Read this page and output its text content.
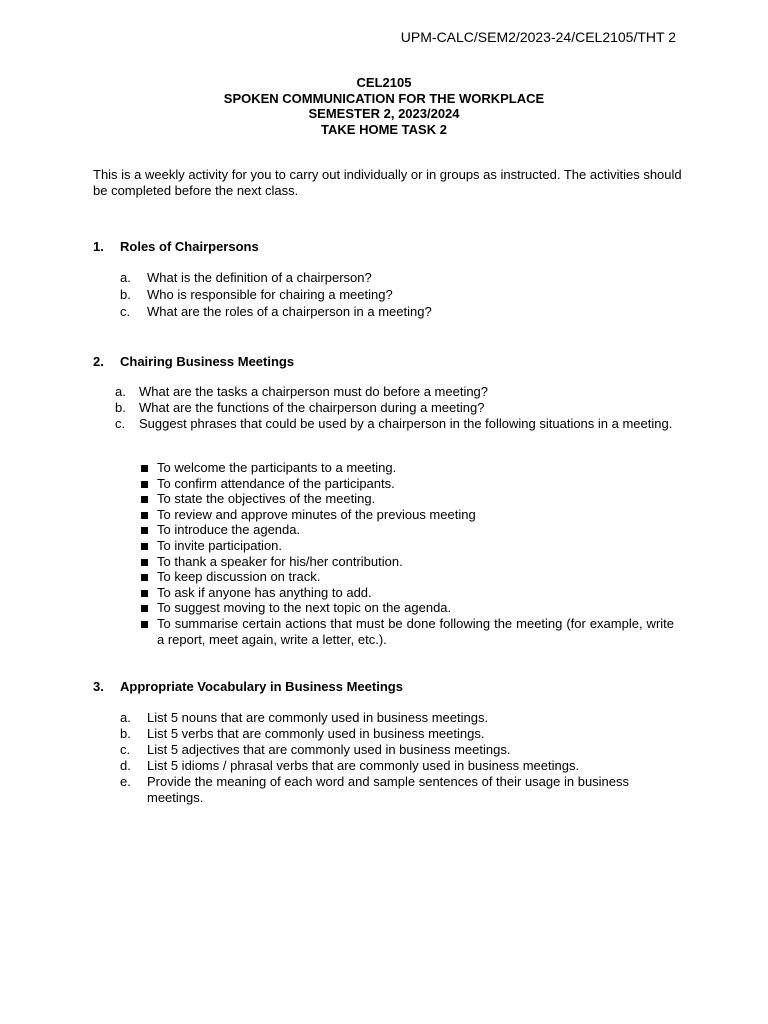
UPM-CALC/SEM2/2023-24/CEL2105/THT 2
CEL2105
SPOKEN COMMUNICATION FOR THE WORKPLACE
SEMESTER 2, 2023/2024
TAKE HOME TASK 2
This is a weekly activity for you to carry out individually or in groups as instructed. The activities should be completed before the next class.
1. Roles of Chairpersons
a.	What is the definition of a chairperson?
b.	Who is responsible for chairing a meeting?
c.	What are the roles of a chairperson in a meeting?
2. Chairing Business Meetings
a.	What are the tasks a chairperson must do before a meeting?
b.	What are the functions of the chairperson during a meeting?
c.	Suggest phrases that could be used by a chairperson in the following situations in a meeting.
To welcome the participants to a meeting.
To confirm attendance of the participants.
To state the objectives of the meeting.
To review and approve minutes of the previous meeting
To introduce the agenda.
To invite participation.
To thank a speaker for his/her contribution.
To keep discussion on track.
To ask if anyone has anything to add.
To suggest moving to the next topic on the agenda.
To summarise certain actions that must be done following the meeting (for example, write a report, meet again, write a letter, etc.).
3. Appropriate Vocabulary in Business Meetings
a.	List 5 nouns that are commonly used in business meetings.
b.	List 5 verbs that are commonly used in business meetings.
c.	List 5 adjectives that are commonly used in business meetings.
d.	List 5 idioms / phrasal verbs that are commonly used in business meetings.
e.	Provide the meaning of each word and sample sentences of their usage in business meetings.
